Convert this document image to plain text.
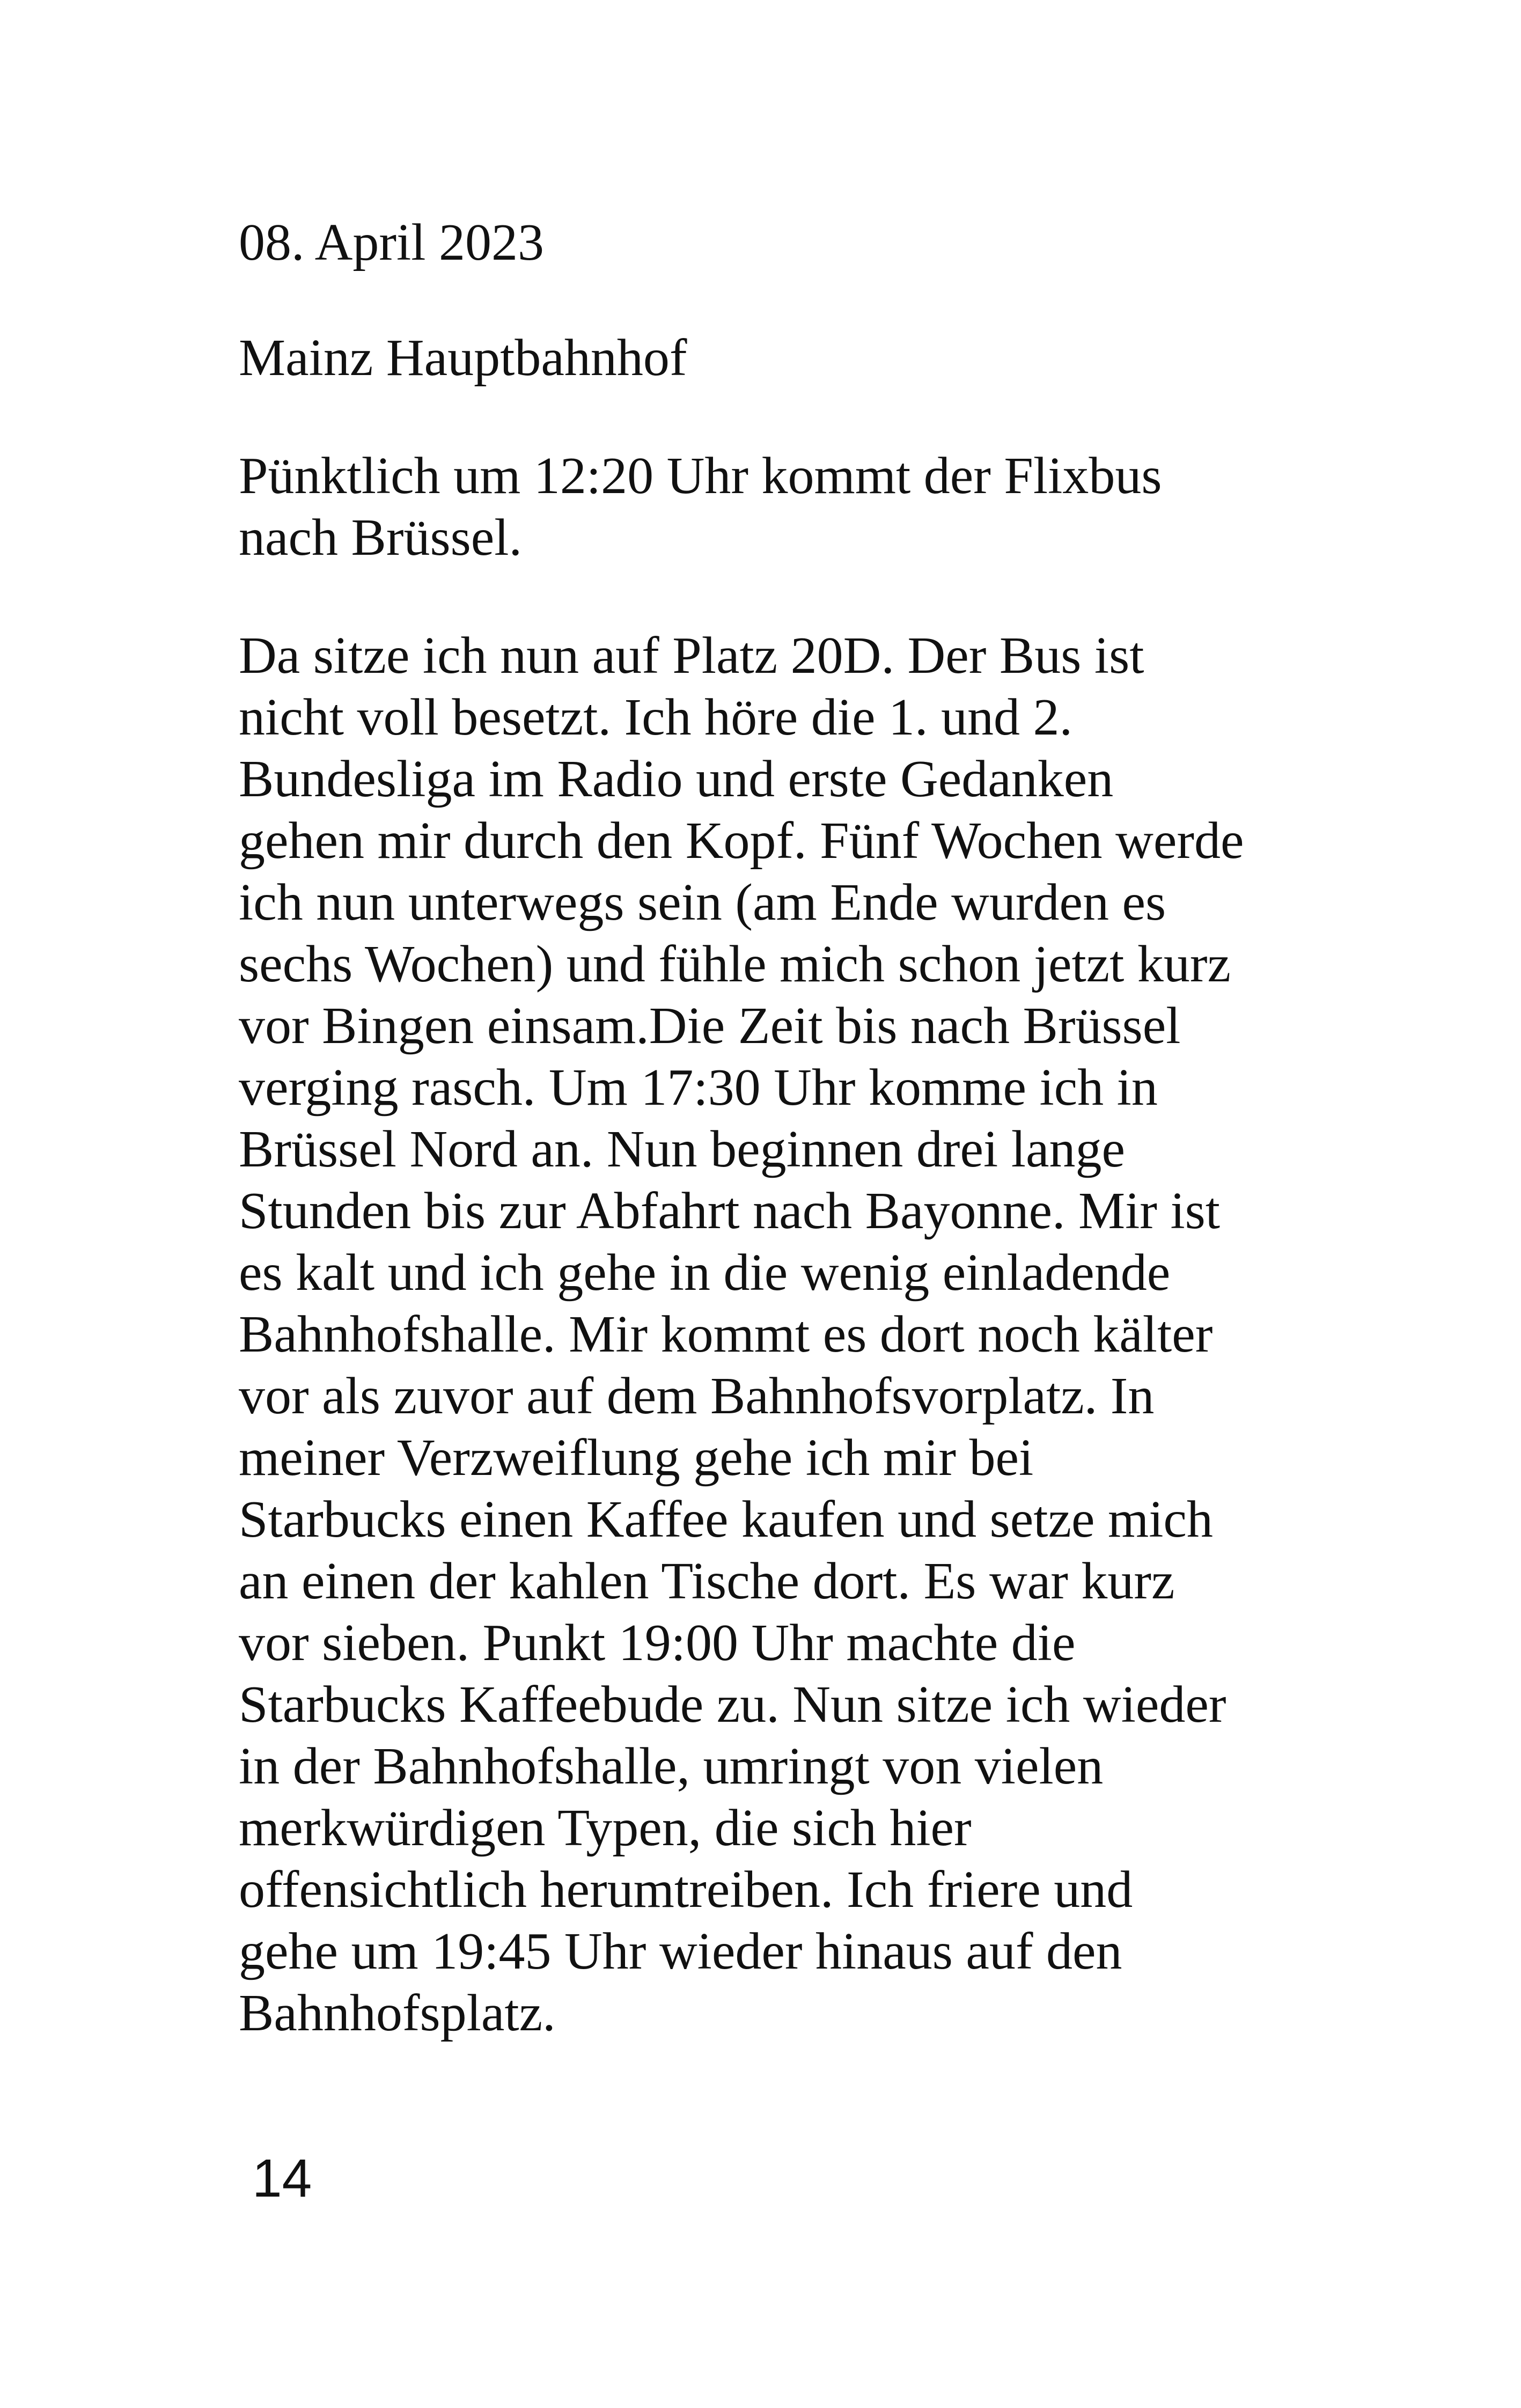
08. April 2023
Mainz Hauptbahnhof
Pünktlich um 12:20 Uhr kommt der Flixbus
nach Brüssel.
Da sitze ich nun auf Platz 20D. Der Bus ist
nicht voll besetzt. Ich höre die 1. und 2.
Bundesliga im Radio und erste Gedanken
gehen mir durch den Kopf. Fünf Wochen werde
ich nun unterwegs sein (am Ende wurden es
sechs Wochen) und fühle mich schon jetzt kurz
vor Bingen einsam.Die Zeit bis nach Brüssel
verging rasch. Um 17:30 Uhr komme ich in
Brüssel Nord an. Nun beginnen drei lange
Stunden bis zur Abfahrt nach Bayonne. Mir ist
es kalt und ich gehe in die wenig einladende
Bahnhofshalle. Mir kommt es dort noch kälter
vor als zuvor auf dem Bahnhofsvorplatz. In
meiner Verzweiflung gehe ich mir bei
Starbucks einen Kaffee kaufen und setze mich
an einen der kahlen Tische dort. Es war kurz
vor sieben. Punkt 19:00 Uhr machte die
Starbucks Kaffeebude zu. Nun sitze ich wieder
in der Bahnhofshalle, umringt von vielen
merkwürdigen Typen, die sich hier
offensichtlich herumtreiben. Ich friere und
gehe um 19:45 Uhr wieder hinaus auf den
Bahnhofsplatz.
14
